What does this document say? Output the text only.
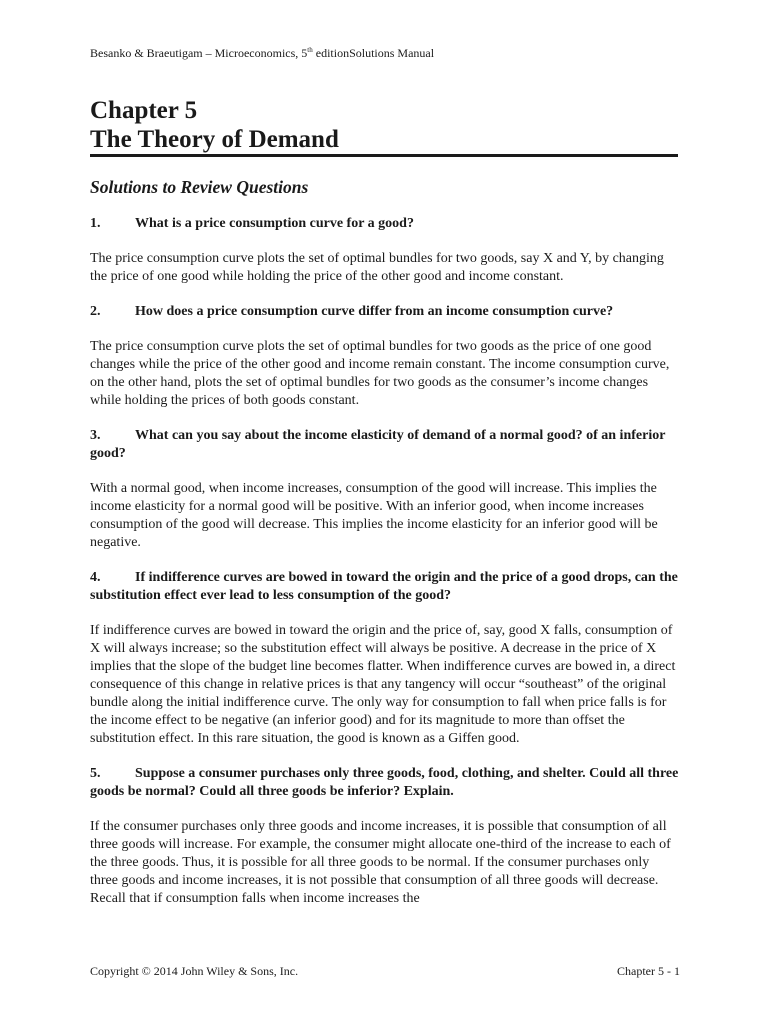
Besanko & Braeutigam – Microeconomics, 5th editionSolutions Manual
Chapter 5
The Theory of Demand
Solutions to Review Questions
1. What is a price consumption curve for a good?
The price consumption curve plots the set of optimal bundles for two goods, say X and Y, by changing the price of one good while holding the price of the other good and income constant.
2. How does a price consumption curve differ from an income consumption curve?
The price consumption curve plots the set of optimal bundles for two goods as the price of one good changes while the price of the other good and income remain constant. The income consumption curve, on the other hand, plots the set of optimal bundles for two goods as the consumer’s income changes while holding the prices of both goods constant.
3. What can you say about the income elasticity of demand of a normal good? of an inferior good?
With a normal good, when income increases, consumption of the good will increase. This implies the income elasticity for a normal good will be positive. With an inferior good, when income increases consumption of the good will decrease. This implies the income elasticity for an inferior good will be negative.
4. If indifference curves are bowed in toward the origin and the price of a good drops, can the substitution effect ever lead to less consumption of the good?
If indifference curves are bowed in toward the origin and the price of, say, good X falls, consumption of X will always increase; so the substitution effect will always be positive. A decrease in the price of X implies that the slope of the budget line becomes flatter. When indifference curves are bowed in, a direct consequence of this change in relative prices is that any tangency will occur “southeast” of the original bundle along the initial indifference curve. The only way for consumption to fall when price falls is for the income effect to be negative (an inferior good) and for its magnitude to more than offset the substitution effect. In this rare situation, the good is known as a Giffen good.
5. Suppose a consumer purchases only three goods, food, clothing, and shelter. Could all three goods be normal? Could all three goods be inferior? Explain.
If the consumer purchases only three goods and income increases, it is possible that consumption of all three goods will increase. For example, the consumer might allocate one-third of the increase to each of the three goods. Thus, it is possible for all three goods to be normal. If the consumer purchases only three goods and income increases, it is not possible that consumption of all three goods will decrease. Recall that if consumption falls when income increases the
Copyright © 2014 John Wiley & Sons, Inc.	Chapter 5 - 1
